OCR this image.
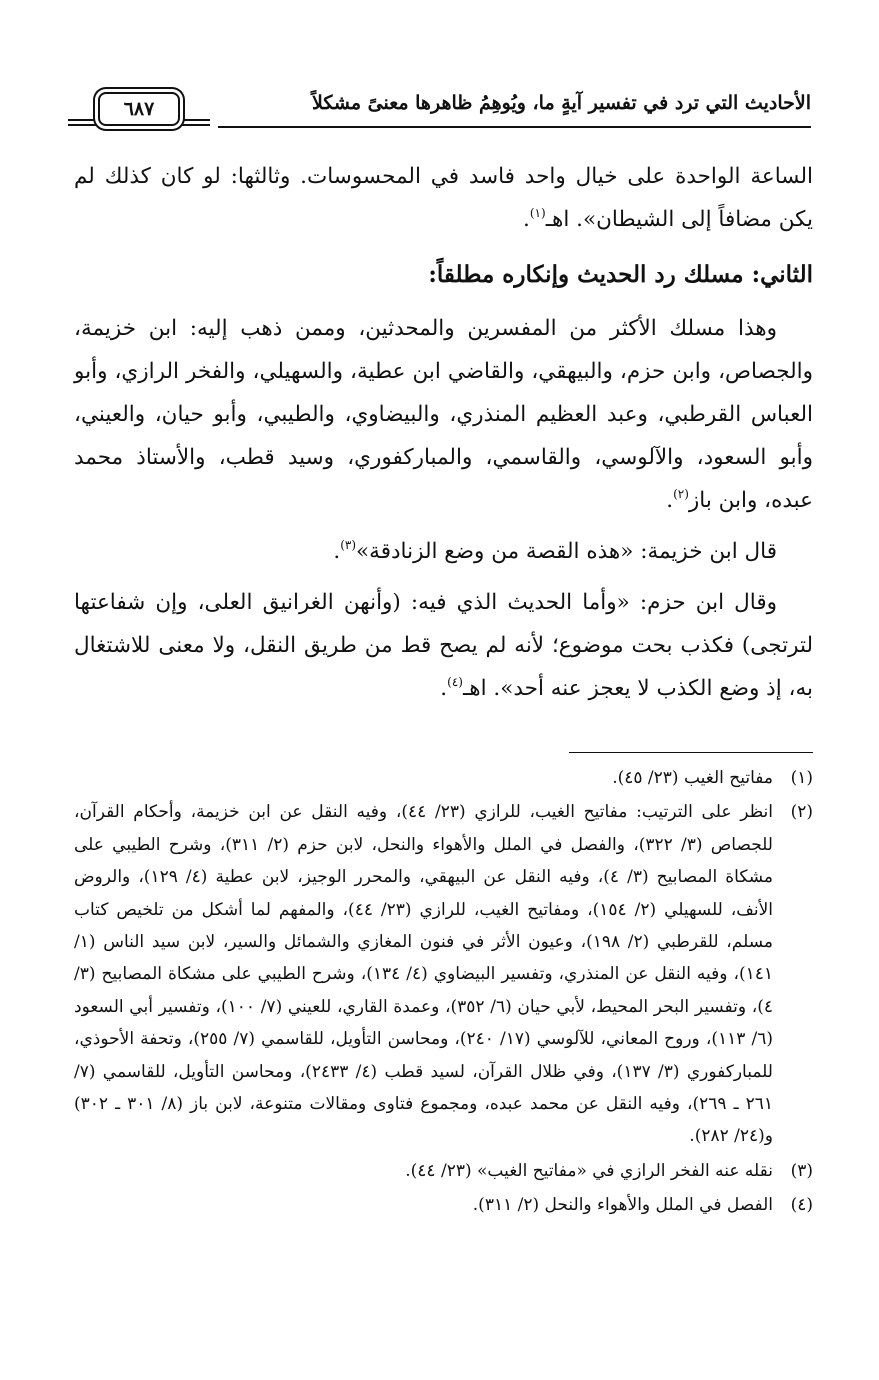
الأحاديث التي ترد في تفسير آيةٍ ما، ويُوهِمُ ظاهرها معنىً مشكلاً
٦٨٧

الساعة الواحدة على خيال واحد فاسد في المحسوسات. وثالثها: لو كان كذلك لم يكن مضافاً إلى الشيطان». اهـ$^{(١)}$.

الثاني: مسلك رد الحديث وإنكاره مطلقاً:

وهذا مسلك الأكثر من المفسرين والمحدثين، وممن ذهب إليه: ابن خزيمة، والجصاص، وابن حزم، والبيهقي، والقاضي ابن عطية، والسهيلي، والفخر الرازي، وأبو العباس القرطبي، وعبد العظيم المنذري، والبيضاوي، والطيبي، وأبو حيان، والعيني، وأبو السعود، والآلوسي، والقاسمي، والمباركفوري، وسيد قطب، والأستاذ محمد عبده، وابن باز$^{(٢)}$.

قال ابن خزيمة: «هذه القصة من وضع الزنادقة»$^{(٣)}$.

وقال ابن حزم: «وأما الحديث الذي فيه: (وأنهن الغرانيق العلى، وإن شفاعتها لترتجى) فكذب بحت موضوع؛ لأنه لم يصح قط من طريق النقل، ولا معنى للاشتغال به، إذ وضع الكذب لا يعجز عنه أحد». اهـ$^{(٤)}$.

(١)
مفاتيح الغيب (٢٣/ ٤٥).
(٢)
انظر على الترتيب: مفاتيح الغيب، للرازي (٢٣/ ٤٤)، وفيه النقل عن ابن خزيمة، وأحكام القرآن، للجصاص (٣/ ٣٢٢)، والفصل في الملل والأهواء والنحل، لابن حزم (٢/ ٣١١)، وشرح الطيبي على مشكاة المصابيح (٣/ ٤)، وفيه النقل عن البيهقي، والمحرر الوجيز، لابن عطية (٤/ ١٢٩)، والروض الأنف، للسهيلي (٢/ ١٥٤)، ومفاتيح الغيب، للرازي (٢٣/ ٤٤)، والمفهم لما أشكل من تلخيص كتاب مسلم، للقرطبي (٢/ ١٩٨)، وعيون الأثر في فنون المغازي والشمائل والسير، لابن سيد الناس (١/ ١٤١)، وفيه النقل عن المنذري، وتفسير البيضاوي (٤/ ١٣٤)، وشرح الطيبي على مشكاة المصابيح (٣/ ٤)، وتفسير البحر المحيط، لأبي حيان (٦/ ٣٥٢)، وعمدة القاري، للعيني (٧/ ١٠٠)، وتفسير أبي السعود (٦/ ١١٣)، وروح المعاني، للآلوسي (١٧/ ٢٤٠)، ومحاسن التأويل، للقاسمي (٧/ ٢٥٥)، وتحفة الأحوذي، للمباركفوري (٣/ ١٣٧)، وفي ظلال القرآن، لسيد قطب (٤/ ٢٤٣٣)، ومحاسن التأويل، للقاسمي (٧/ ٢٦١ ـ ٢٦٩)، وفيه النقل عن محمد عبده، ومجموع فتاوى ومقالات متنوعة، لابن باز (٨/ ٣٠١ ـ ٣٠٢) و(٢٤/ ٢٨٢).
(٣)
نقله عنه الفخر الرازي في «مفاتيح الغيب» (٢٣/ ٤٤).
(٤)
الفصل في الملل والأهواء والنحل (٢/ ٣١١).
